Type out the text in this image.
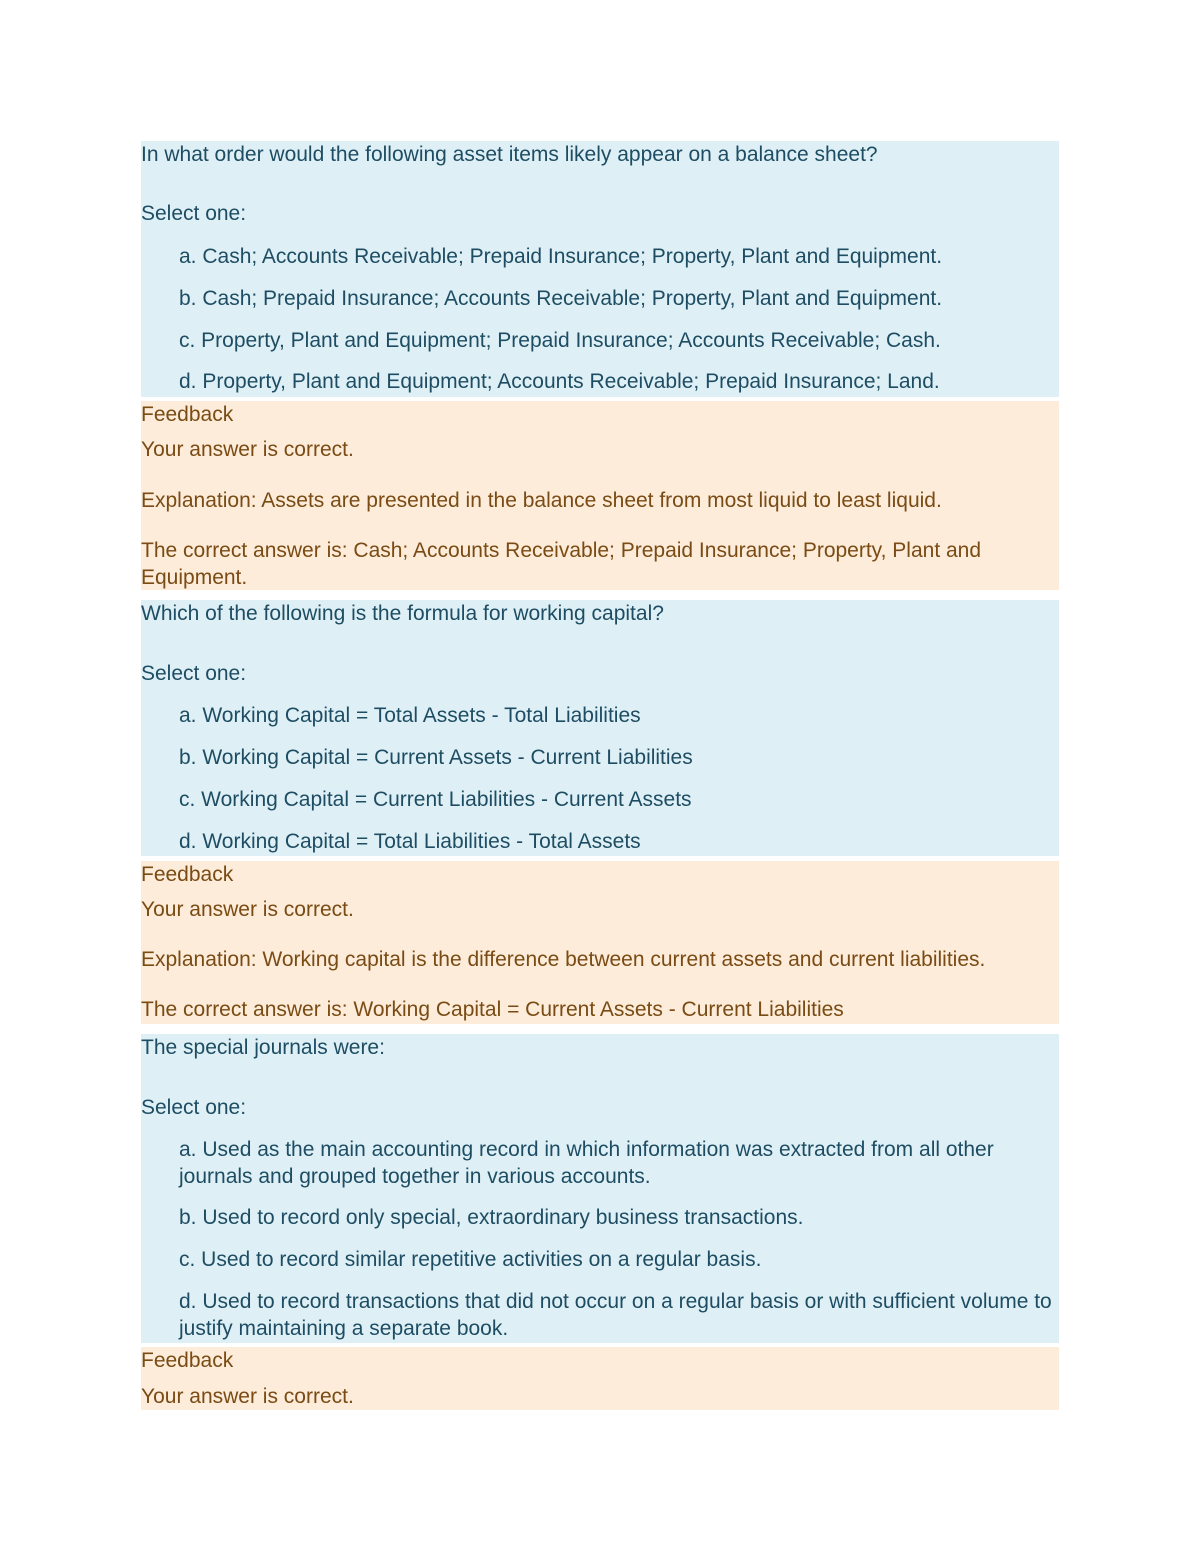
In what order would the following asset items likely appear on a balance sheet?
Select one:
a. Cash; Accounts Receivable; Prepaid Insurance; Property, Plant and Equipment.
b. Cash; Prepaid Insurance; Accounts Receivable; Property, Plant and Equipment.
c. Property, Plant and Equipment; Prepaid Insurance; Accounts Receivable; Cash.
d. Property, Plant and Equipment; Accounts Receivable; Prepaid Insurance; Land.
Feedback
Your answer is correct.
Explanation: Assets are presented in the balance sheet from most liquid to least liquid.
The correct answer is: Cash; Accounts Receivable; Prepaid Insurance; Property, Plant and Equipment.
Which of the following is the formula for working capital?
Select one:
a. Working Capital = Total Assets - Total Liabilities
b. Working Capital = Current Assets - Current Liabilities
c. Working Capital = Current Liabilities - Current Assets
d. Working Capital = Total Liabilities - Total Assets
Feedback
Your answer is correct.
Explanation: Working capital is the difference between current assets and current liabilities.
The correct answer is: Working Capital = Current Assets - Current Liabilities
The special journals were:
Select one:
a. Used as the main accounting record in which information was extracted from all other journals and grouped together in various accounts.
b. Used to record only special, extraordinary business transactions.
c. Used to record similar repetitive activities on a regular basis.
d. Used to record transactions that did not occur on a regular basis or with sufficient volume to justify maintaining a separate book.
Feedback
Your answer is correct.
